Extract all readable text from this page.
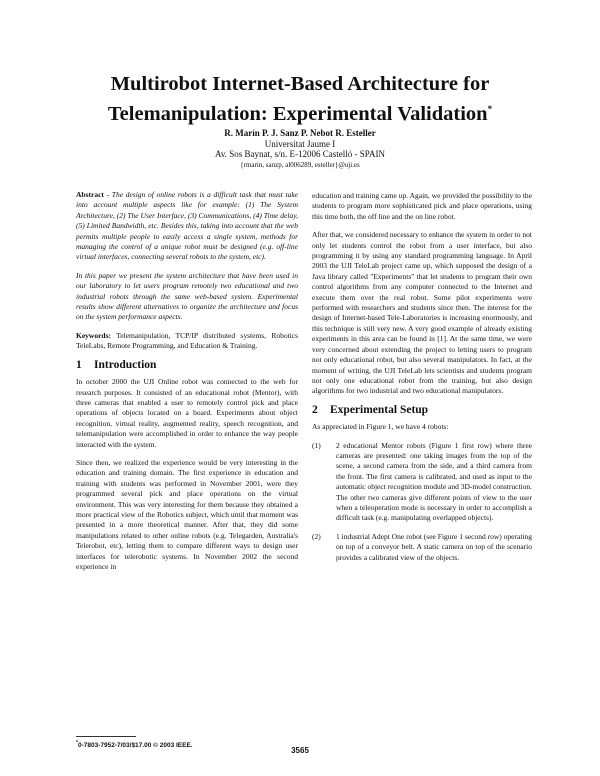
Multirobot Internet-Based Architecture for
Telemanipulation: Experimental Validation*
R. Marín P. J. Sanz P. Nebot R. Esteller
Universitat Jaume I
Av. Sos Baynat, s/n. E-12006 Castelló - SPAIN
{rmarin, sanzp, al006289, esteller}@uji.es

Abstract - The design of online robots is a difficult task that must take into account multiple aspects like for example: (1) The System Architecture, (2) The User Interface, (3) Communications, (4) Time delay, (5) Limited Bandwidth, etc. Besides this, taking into account that the web permits multiple people to easily access a single system, methods for managing the control of a unique robot must be designed (e.g. off-line virtual interfaces, connecting several robots to the system, etc).

In this paper we present the system architecture that have been used in our laboratory to let users program remotely two educational and two industrial robots through the same web-based system. Experimental results show different alternatives to organize the architecture and focus on the system performance aspects.

Keywords: Telemanipulation, TCP/IP distributed systems, Robotics TeleLabs, Remote Programming, and Education & Training.

1 Introduction

In october 2000 the UJI Online robot was connected to the web for research purposes. It consisted of an educational robot (Mentor), with three cameras that enabled a user to remotely control pick and place operations of objects located on a board. Experiments about object recognition, virtual reality, augmented reality, speech recognition, and telemanipulation were accomplished in order to enhance the way people interacted with the system.

Since then, we realized the experience would be very interesting in the education and training domain. The first experience in education and training with students was performed in November 2001, were they programmed several pick and place operations on the virtual environment. This was very interesting for them because they obtained a more practical view of the Robotics subject, which until that moment was presented in a more theoretical manner. After that, they did some manipulations related to other online robots (e.g. Telegarden, Australia's Telerobot, etc), letting them to compare different ways to design user interfaces for telerobotic systems. In November 2002 the second experience in

education and training came up. Again, we provided the possibility to the students to program more sophisticated pick and place operations, using this time both, the off line and the on line robot.

After that, we considered necessary to enhance the system in order to not only let students control the robot from a user interface, but also programming it by using any standard programming language. In April 2003 the UJI TeleLab project came up, which supposed the design of a Java library called "Experiments" that let students to program their own control algorithms from any computer connected to the Internet and execute them over the real robot. Some pilot experiments were performed with researchers and students since then. The interest for the design of Internet-based Tele-Laboratories is increasing enormously, and this technique is still very new. A very good example of already existing experiments in this area can be found in [1]. At the same time, we were very concerned about extending the project to letting users to program not only educational robot, but also several manipulators. In fact, at the moment of writing, the UJI TeleLab lets scientists and students program not only one educational robot from the training, but also design algorithms for two industrial and two educational manipulators.

2 Experimental Setup

As appreciated in Figure 1, we have 4 robots:

(1)	2 educational Mentor robots (Figure 1 first row) where three cameras are presented: one taking images from the top of the scene, a second camera from the side, and a third camera from the front. The first camera is calibrated, and used as input to the automatic object recognition module and 3D-model construction. The other two cameras give different points of view to the user when a teleoperation mode is necessary in order to accomplish a difficult task (e.g. manipulating overlapped objects).
(2)	1 industrial Adept One robot (see Figure 1 second row) operating on top of a conveyor belt. A static camera on top of the scenario provides a calibrated view of the objects.
*0-7803-7952-7/03/$17.00 © 2003 IEEE.
3565
